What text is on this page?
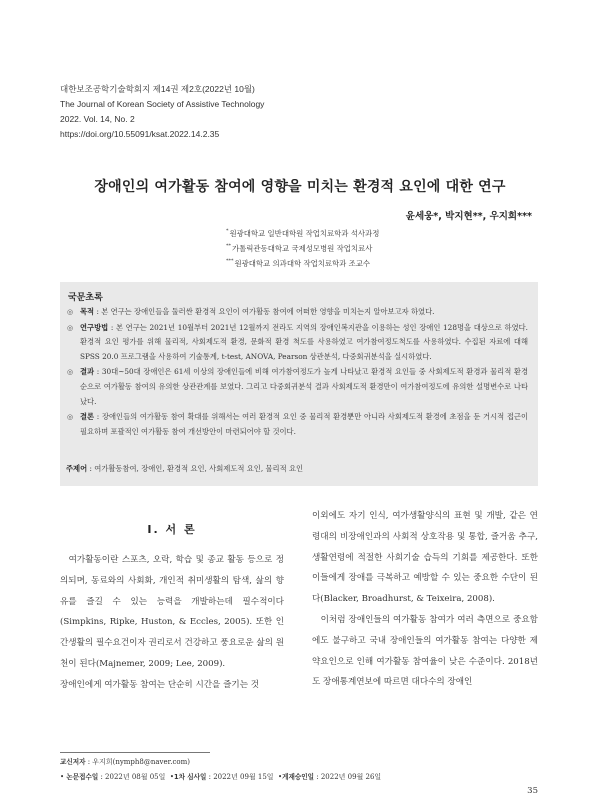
대한보조공학기술학회지 제14권 제2호(2022년 10월)
The Journal of Korean Society of Assistive Technology
2022. Vol. 14, No. 2
https://doi.org/10.55091/ksat.2022.14.2.35
장애인의 여가활동 참여에 영향을 미치는 환경적 요인에 대한 연구
윤세웅*, 박지현**, 우지희***
*원광대학교 일반대학원 작업치료학과 석사과정
**가톨릭관동대학교 국제성모병원 작업치료사
***원광대학교 의과대학 작업치료학과 조교수
국문초록
◎ 목적 : 본 연구는 장애인들을 둘러싼 환경적 요인이 여가활동 참여에 어떠한 영향을 미치는지 알아보고자 하였다.
◎ 연구방법 : 본 연구는 2021년 10월부터 2021년 12월까지 전라도 지역의 장애인복지관을 이용하는 성인 장애인 128명을 대상으로 하였다. 환경적 요인 평가를 위해 물리적, 사회제도적 환경, 문화적 환경 척도를 사용하였고 여가참여정도척도를 사용하였다. 수집된 자료에 대해 SPSS 20.0 프로그램을 사용하여 기술통계, t-test, ANOVA, Pearson 상관분석, 다중회귀분석을 실시하였다.
◎ 결과 : 30대~50대 장애인은 61세 이상의 장애인들에 비해 여가참여정도가 높게 나타났고 환경적 요인들 중 사회제도적 환경과 물리적 환경 순으로 여가활동 참여의 유의한 상관관계를 보였다. 그리고 다중회귀분석 결과 사회제도적 환경만이 여가참여정도에 유의한 설명변수로 나타났다.
◎ 결론 : 장애인들의 여가활동 참여 확대를 위해서는 여러 환경적 요인 중 물리적 환경뿐만 아니라 사회제도적 환경에 초점을 둔 거시적 접근이 필요하며 포괄적인 여가활동 참여 개선방안이 마련되어야 할 것이다.
주제어 : 여가활동참여, 장애인, 환경적 요인, 사회제도적 요인, 물리적 요인
Ⅰ. 서 론

여가활동이란 스포츠, 오락, 학습 및 종교 활동 등으로 정의되며, 동료와의 사회화, 개인적 취미생활의 탐색, 삶의 향유를 즐길 수 있는 능력을 개발하는데 필수적이다(Simpkins, Ripke, Huston, & Eccles, 2005). 또한 인간생활의 필수요건이자 권리로서 건강하고 풍요로운 삶의 원천이 된다(Majnemer, 2009; Lee, 2009).

장애인에게 여가활동 참여는 단순히 시간을 즐기는 것

이외에도 자기 인식, 여가생활양식의 표현 및 개발, 같은 연령대의 비장애인과의 사회적 상호작용 및 통합, 즐거움 추구, 생활연령에 적절한 사회기술 습득의 기회를 제공한다. 또한 이들에게 장애를 극복하고 예방할 수 있는 중요한 수단이 된다(Blacker, Broadhurst, & Teixeira, 2008).

이처럼 장애인들의 여가활동 참여가 여러 측면으로 중요함에도 불구하고 국내 장애인들의 여가활동 참여는 다양한 제약요인으로 인해 여가활동 참여율이 낮은 수준이다. 2018년도 장애통계연보에 따르면 대다수의 장애인

교신저자 : 우지희(nymph8@naver.com)
• 논문접수일 : 2022년 08월 05일  •1차 심사일 : 2022년 09월 15일  •게재승인일 : 2022년 09월 26일
35
